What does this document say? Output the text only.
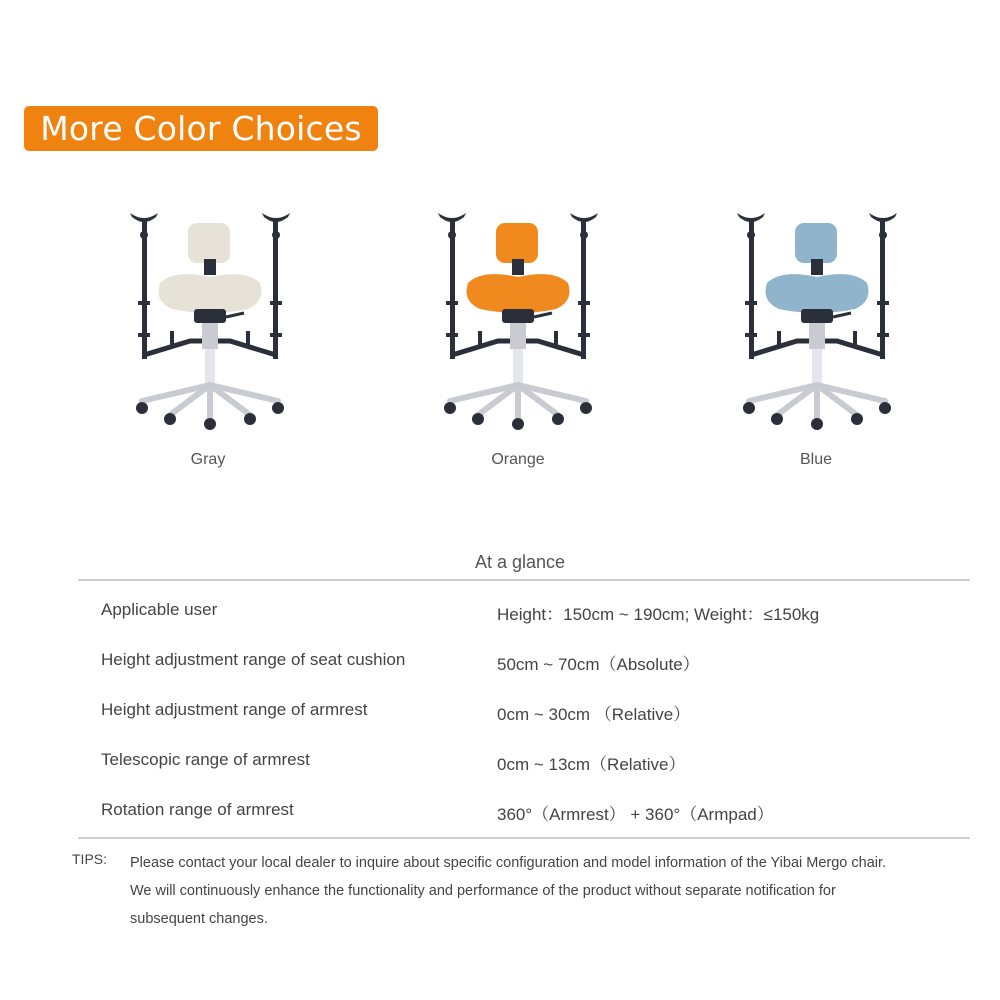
More Color Choices
Gray	Orange	Blue
At a glance
Applicable user	Height：150cm ~ 190cm; Weight：≤150kg
Height adjustment range of seat cushion	50cm ~ 70cm（Absolute）
Height adjustment range of armrest	0cm ~ 30cm （Relative）
Telescopic range of armrest	0cm ~ 13cm（Relative）
Rotation range of armrest	360°（Armrest） + 360°（Armpad）
TIPS: Please contact your local dealer to inquire about specific configuration and model information of the Yibai Mergo chair.
We will continuously enhance the functionality and performance of the product without separate notification for
subsequent changes.
